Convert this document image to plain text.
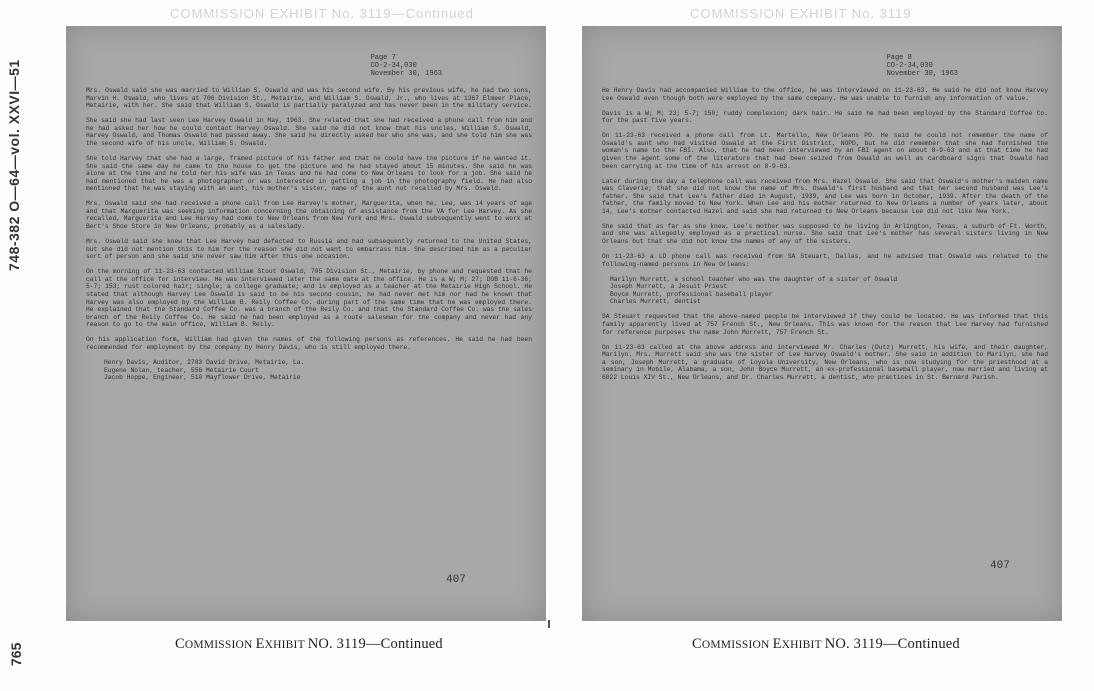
748-382 O—64—vol. XXVI—51
765
COMMISSION EXHIBIT No. 3119—Continued	COMMISSION EXHIBIT No. 3119
Page 7
CO-2-34,030
November 30, 1963

Mrs. Oswald said she was married to William S. Oswald and was his second wife. By his previous wife, he had two sons, Marvin H. Oswald, who lives at 706 Division St., Metairie, and William S. Oswald, Jr., who lives at 1367 Elmeer Place, Metairie, with her. She said that William S. Oswald is partially paralyzed and has never been in the military service.

She said she had last seen Lee Harvey Oswald in May, 1963. She related that she had received a phone call from him and he had asked her how he could contact Harvey Oswald. She said he did not know that his uncles, William S. Oswald, Harvey Oswald, and Thomas Oswald had passed away. She said he directly asked her who she was, and she told him she was the second wife of his uncle, William S. Oswald.

She told Harvey that she had a large, framed picture of his father and that he could have the picture if he wanted it. She said the same day he came to the house to get the picture and he had stayed about 15 minutes. She said he was alone at the time and he told her his wife was in Texas and he had come to New Orleans to look for a job. She said he had mentioned that he was a photographer or was interested in getting a job in the photography field. He had also mentioned that he was staying with an aunt, his mother's sister, name of the aunt not recalled by Mrs. Oswald.

Mrs. Oswald said she had received a phone call from Lee Harvey's mother, Marguerita, when he, Lee, was 14 years of age and that Marguerita was seeking information concerning the obtaining of assistance from the VA for Lee Harvey. As she recalled, Marguerita and Lee Harvey had come to New Orleans from New York and Mrs. Oswald subsequently went to work at Bert's Shoe Store in New Orleans, probably as a saleslady.

Mrs. Oswald said she knew that Lee Harvey had defected to Russia and had subsequently returned to the United States, but she did not mention this to him for the reason she did not want to embarrass him. She described him as a peculiar sort of person and she said she never saw him after this one occasion.

On the morning of 11-23-63 contacted William Stout Oswald, 705 Division St., Metairie, by phone and requested that he call at the office for interview. He was interviewed later the same date at the office. He is a W; M; 27; DOB 11-6-36; 5-7; 153; rust colored hair; single; a college graduate; and is employed as a teacher at the Metairie High School. He stated that although Harvey Lee Oswald is said to be his second cousin, he had never met him nor had he known that Harvey was also employed by the William B. Reily Coffee Co. during part of the same time that he was employed there. He explained that the Standard Coffee Co. was a branch of the Reily Co. and that the Standard Coffee Co. was the sales branch of the Reily Coffee Co. He said he had been employed as a route salesman for the company and never had any reason to go to the main office, William B. Reily.

On his application form, William had given the names of the following persons as references. He said he had been recommended for employment by the company by Henry Davis, who is still employed there.

Henry Davis, Auditor, 2783 David Drive, Metairie, La.
Eugene Nolan, teacher, 556 Metairie Court
Jacob Hoppe, Engineer, 510 Mayflower Drive, Metairie
407
Page 8
CO-2-34,030
November 30, 1963

He Henry Davis had accompanied William to the office, he was interviewed on 11-23-63. He said he did not know Harvey Lee Oswald even though both were employed by the same company. He was unable to furnish any information of value.

Davis is a W; M; 23; 5-7; 150; ruddy complexion; dark hair. He said he had been employed by the Standard Coffee Co. for the past five years.

On 11-23-63 received a phone call from Lt. Martello, New Orleans PD. He said he could not remember the name of Oswald's aunt who had visited Oswald at the First District, NOPD, but he did remember that she had furnished the woman's name to the FBI. Also, that he had been interviewed by an FBI agent on about 8-9-63 and at that time he had given the agent some of the literature that had been seized from Oswald as well as cardboard signs that Oswald had been carrying at the time of his arrest on 8-9-63.

Later during the day a telephone call was received from Mrs. Hazel Oswald. She said that Oswald's mother's maiden name was Claverie; that she did not know the name of Mrs. Oswald's first husband and that her second husband was Lee's father. She said that Lee's father died in August, 1939, and Lee was born in October, 1939. After the death of the father, the family moved to New York. When Lee and his mother returned to New Orleans a number of years later, about 14, Lee's mother contacted Hazel and said she had returned to New Orleans because Lee did not like New York.

She said that as far as she knew, Lee's mother was supposed to be living in Arlington, Texas, a suburb of Ft. Worth, and she was allegedly employed as a practical nurse. She said that Lee's mother has several sisters living in New Orleans but that she did not know the names of any of the sisters.

On 11-23-63 a LD phone call was received from SA Steuart, Dallas, and he advised that Oswald was related to the following-named persons in New Orleans:

Marilyn Murrett, a school teacher who was the daughter of a sister of Oswald
Joseph Murrett, a Jesuit Priest
Boyce Murrett, professional baseball player
Charles Murrett, dentist

SA Steuart requested that the above-named people be interviewed if they could be located. He was informed that this family apparently lived at 757 French St., New Orleans. This was known for the reason that Lee Harvey had furnished for reference purposes the name John Murrett, 757 French St.

On 11-23-63 called at the above address and interviewed Mr. Charles (Dutz) Murrett, his wife, and their daughter, Marilyn. Mrs. Murrett said she was the sister of Lee Harvey Oswald's mother. She said in addition to Marilyn, she had a son, Joseph Murrett, a graduate of Loyola University, New Orleans, who is now studying for the priesthood at a seminary in Mobile, Alabama, a son, John Boyce Murrett, an ex-professional baseball player, now married and living at 6022 Louis XIV St., New Orleans, and Dr. Charles Murrett, a dentist, who practices in St. Bernard Parish.

407
COMMISSION EXHIBIT NO. 3119—Continued	COMMISSION EXHIBIT NO. 3119—Continued
